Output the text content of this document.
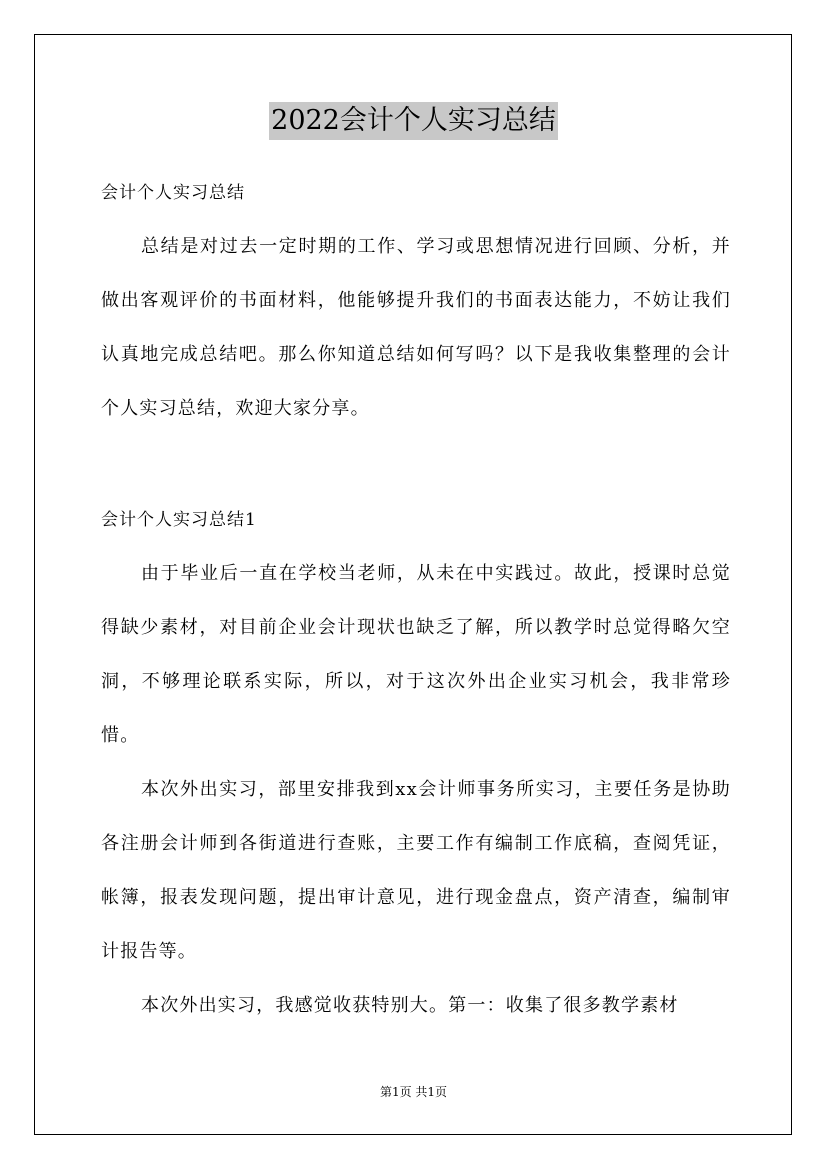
2022会计个人实习总结
会计个人实习总结

总结是对过去一定时期的工作、学习或思想情况进行回顾、分析，并做出客观评价的书面材料，他能够提升我们的书面表达能力，不妨让我们认真地完成总结吧。那么你知道总结如何写吗？以下是我收集整理的会计个人实习总结，欢迎大家分享。

会计个人实习总结1

由于毕业后一直在学校当老师，从未在中实践过。故此，授课时总觉得缺少素材，对目前企业会计现状也缺乏了解，所以教学时总觉得略欠空洞，不够理论联系实际，所以，对于这次外出企业实习机会，我非常珍惜。

本次外出实习，部里安排我到xx会计师事务所实习，主要任务是协助各注册会计师到各街道进行查账，主要工作有编制工作底稿，查阅凭证，帐簿，报表发现问题，提出审计意见，进行现金盘点，资产清查，编制审计报告等。

本次外出实习，我感觉收获特别大。第一：收集了很多教学素材

第1页 共1页
